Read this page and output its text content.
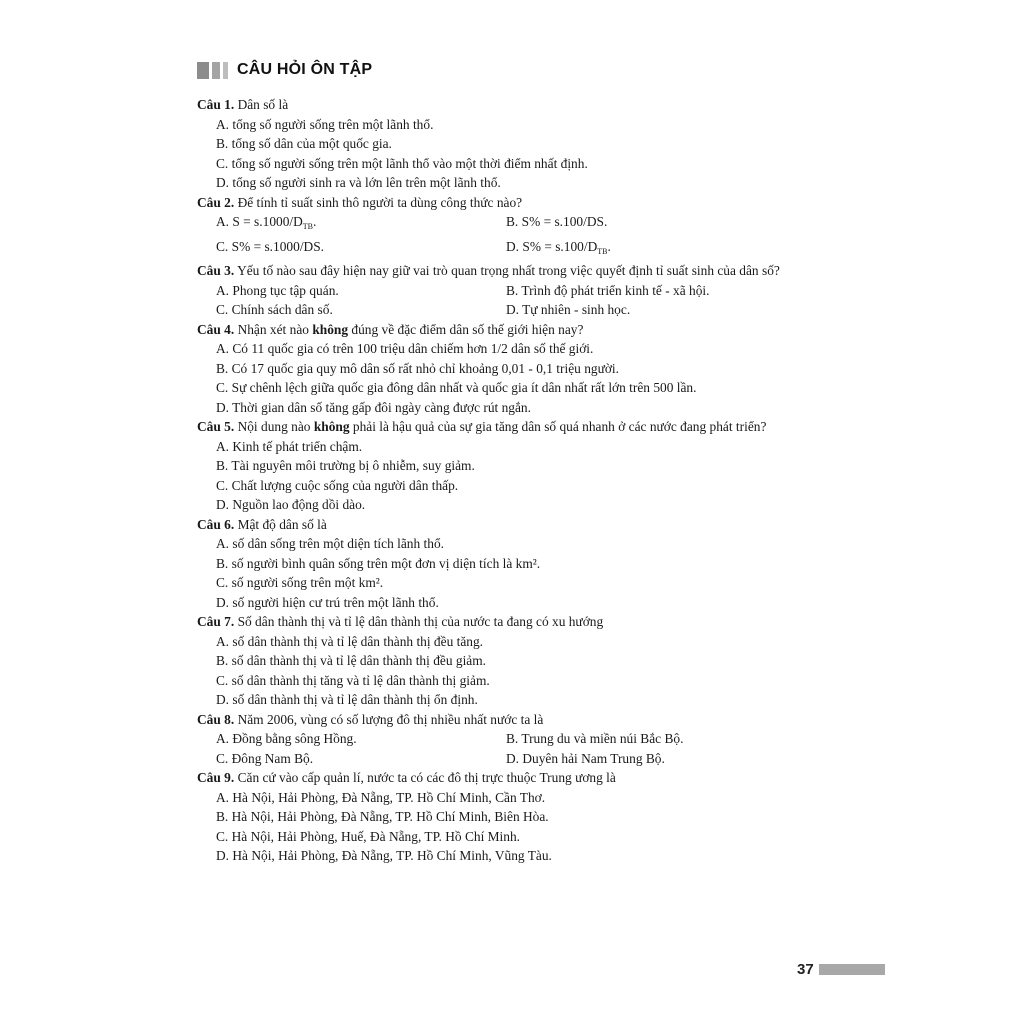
CÂU HỎI ÔN TẬP
Câu 1. Dân số là
A. tổng số người sống trên một lãnh thổ.
B. tổng số dân của một quốc gia.
C. tổng số người sống trên một lãnh thổ vào một thời điểm nhất định.
D. tổng số người sinh ra và lớn lên trên một lãnh thổ.
Câu 2. Để tính tỉ suất sinh thô người ta dùng công thức nào?
A. $S = s.1000/D_{TB}$.	B. S% = s.100/DS.
C. S% = s.1000/DS.	D. $S\% = s.100/D_{TB}$.
Câu 3. Yếu tố nào sau đây hiện nay giữ vai trò quan trọng nhất trong việc quyết định tỉ suất sinh của dân số?
A. Phong tục tập quán.	B. Trình độ phát triển kinh tế - xã hội.
C. Chính sách dân số.	D. Tự nhiên - sinh học.
Câu 4. Nhận xét nào không đúng về đặc điểm dân số thế giới hiện nay?
A. Có 11 quốc gia có trên 100 triệu dân chiếm hơn 1/2 dân số thế giới.
B. Có 17 quốc gia quy mô dân số rất nhỏ chỉ khoảng 0,01 - 0,1 triệu người.
C. Sự chênh lệch giữa quốc gia đông dân nhất và quốc gia ít dân nhất rất lớn trên 500 lần.
D. Thời gian dân số tăng gấp đôi ngày càng được rút ngắn.
Câu 5. Nội dung nào không phải là hậu quả của sự gia tăng dân số quá nhanh ở các nước đang phát triển?
A. Kinh tế phát triển chậm.
B. Tài nguyên môi trường bị ô nhiễm, suy giảm.
C. Chất lượng cuộc sống của người dân thấp.
D. Nguồn lao động dồi dào.
Câu 6. Mật độ dân số là
A. số dân sống trên một diện tích lãnh thổ.
B. số người bình quân sống trên một đơn vị diện tích là km².
C. số người sống trên một km².
D. số người hiện cư trú trên một lãnh thổ.
Câu 7. Số dân thành thị và tỉ lệ dân thành thị của nước ta đang có xu hướng
A. số dân thành thị và tỉ lệ dân thành thị đều tăng.
B. số dân thành thị và tỉ lệ dân thành thị đều giảm.
C. số dân thành thị tăng và tỉ lệ dân thành thị giảm.
D. số dân thành thị và tỉ lệ dân thành thị ổn định.
Câu 8. Năm 2006, vùng có số lượng đô thị nhiều nhất nước ta là
A. Đồng bằng sông Hồng.	B. Trung du và miền núi Bắc Bộ.
C. Đông Nam Bộ.	D. Duyên hải Nam Trung Bộ.
Câu 9. Căn cứ vào cấp quản lí, nước ta có các đô thị trực thuộc Trung ương là
A. Hà Nội, Hải Phòng, Đà Nẵng, TP. Hồ Chí Minh, Cần Thơ.
B. Hà Nội, Hải Phòng, Đà Nẵng, TP. Hồ Chí Minh, Biên Hòa.
C. Hà Nội, Hải Phòng, Huế, Đà Nẵng, TP. Hồ Chí Minh.
D. Hà Nội, Hải Phòng, Đà Nẵng, TP. Hồ Chí Minh, Vũng Tàu.
37
